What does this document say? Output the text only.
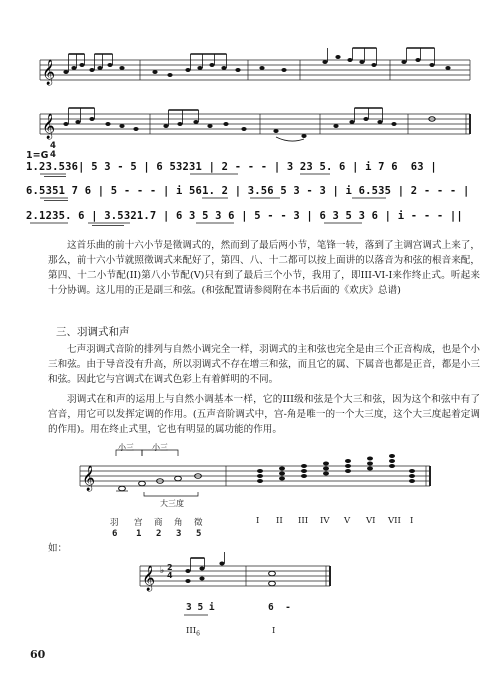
𝄞
𝄞
1=G
4
4
1.23.536| 5 3 - 5 | 6 53231 | 2 - - - | 3 23 5. 6 | i 7 6  63 |
6.5351 7 6 | 5 - - - | i 561. 2 | 3.56 5 3 - 3 | i 6.535 | 2 - - - |
2.1235. 6 | 3.5321.7 | 6 3 5 3 6 | 5 - - 3 | 6 3 5 3 6 | i - - - ||
这首乐曲的前十六小节是徵调式的，然而到了最后两小节，笔锋一转，落到了主调宫调式上来了，那么，前十六小节就照徵调式来配好了，第四、八、十二都可以按上面讲的以落音为和弦的根音来配，第四、十二小节配(II)第八小节配(V)只有到了最后三个小节，我用了，即III-VI-I来作终止式。听起来十分协调。这儿用的正是副三和弦。(和弦配置请参阅附在本书后面的《欢庆》总谱)
三、羽调式和声
七声羽调式音阶的排列与自然小调完全一样，羽调式的主和弦也完全是由三个正音构成，也是个小三和弦。由于导音没有升高，所以羽调式不存在增三和弦，而且它的属、下属音也都是正音，都是小三和弦。因此它与宫调式在调式色彩上有着鲜明的不同。
羽调式在和声的运用上与自然小调基本一样，它的III级和弦是个大三和弦，因为这个和弦中有了宫音，用它可以发挥定调的作用。(五声音阶调式中，宫-角是唯一的一个大三度，这个大三度起着定调的作用)。用在终止式里，它也有明显的属功能的作用。
𝄞
小三 小三
大三度
羽 宫 商 角 徵
6 1 2 3 5
I II III IV V VI VII I
如：
𝄞 ♭ 2
4
3 5 i	6  -
$III_6$	I
60
